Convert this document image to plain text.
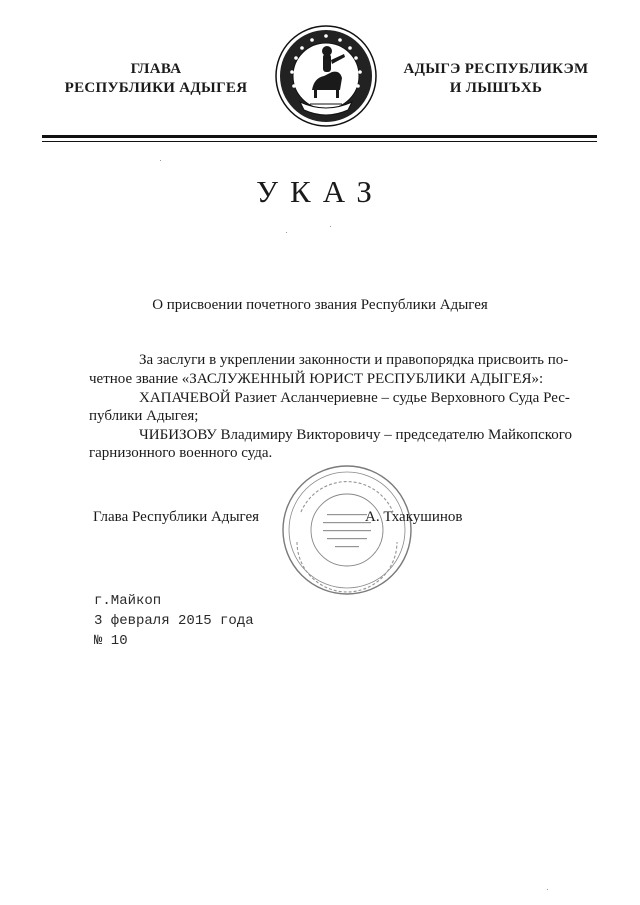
ГЛАВА
РЕСПУБЛИКИ АДЫГЕЯ
АДЫГЭ РЕСПУБЛИКЭМ
И ЛЫШЪХЬ
УКАЗ
О присвоении почетного звания Республики Адыгея
За заслуги в укреплении законности и правопорядка присвоить по-
четное звание «ЗАСЛУЖЕННЫЙ ЮРИСТ РЕСПУБЛИКИ АДЫГЕЯ»:
ХАПАЧЕВОЙ Разиет Асланчериевне – судье Верховного Суда Рес-
публики Адыгея;
ЧИБИЗОВУ Владимиру Викторовичу – председателю Майкопского
гарнизонного военного суда.
Глава Республики Адыгея	А. Тхакушинов
г.Майкоп
3 февраля 2015 года
№ 10
